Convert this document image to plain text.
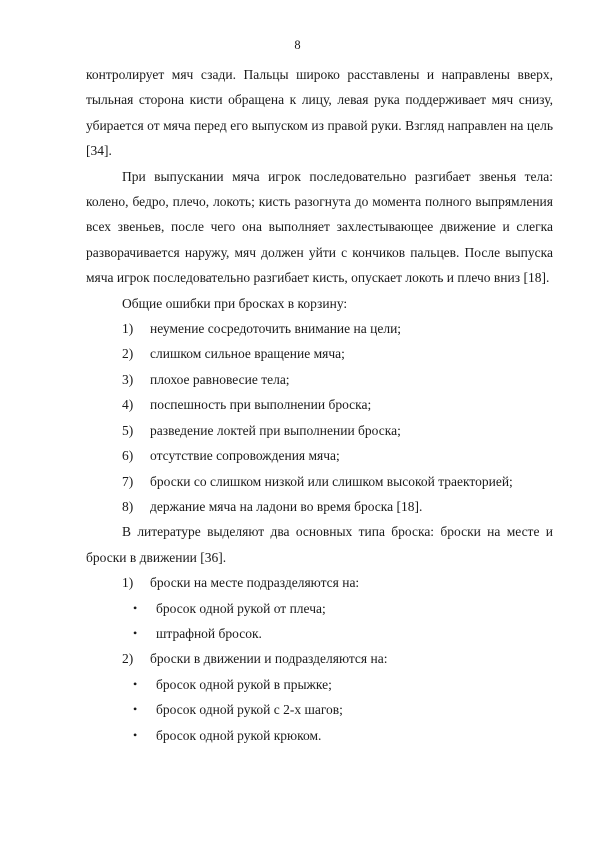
8

контролирует мяч сзади. Пальцы широко расставлены и направлены вверх, тыльная сторона кисти обращена к лицу, левая рука поддерживает мяч снизу, убирается от мяча перед его выпуском из правой руки. Взгляд направлен на цель [34].

При выпускании мяча игрок последовательно разгибает звенья тела: колено, бедро, плечо, локоть; кисть разогнута до момента полного выпрямления всех звеньев, после чего она выполняет захлестывающее движение и слегка разворачивается наружу, мяч должен уйти с кончиков пальцев. После выпуска мяча игрок последовательно разгибает кисть, опускает локоть и плечо вниз [18].

Общие ошибки при бросках в корзину:

1) неумение сосредоточить внимание на цели;
2) слишком сильное вращение мяча;
3) плохое равновесие тела;
4) поспешность при выполнении броска;
5) разведение локтей при выполнении броска;
6) отсутствие сопровождения мяча;
7) броски со слишком низкой или слишком высокой траекторией;
8) держание мяча на ладони во время броска [18].

В литературе выделяют два основных типа броска: броски на месте и броски в движении [36].

1) броски на месте подразделяются на:
• бросок одной рукой от плеча;
• штрафной бросок.
2) броски в движении и подразделяются на:
• бросок одной рукой в прыжке;
• бросок одной рукой с 2-х шагов;
• бросок одной рукой крюком.
